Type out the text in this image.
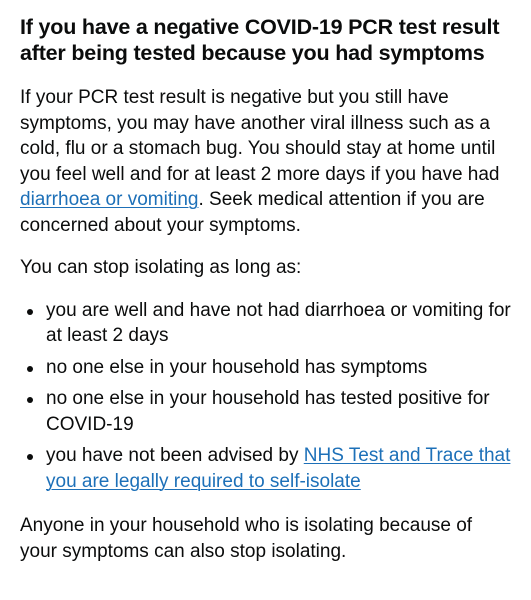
If you have a negative COVID-19 PCR test result after being tested because you had symptoms

If your PCR test result is negative but you still have symptoms, you may have another viral illness such as a cold, flu or a stomach bug. You should stay at home until you feel well and for at least 2 more days if you have had diarrhoea or vomiting. Seek medical attention if you are concerned about your symptoms.

You can stop isolating as long as:

you are well and have not had diarrhoea or vomiting for at least 2 days
no one else in your household has symptoms
no one else in your household has tested positive for COVID-19
you have not been advised by NHS Test and Trace that you are legally required to self-isolate

Anyone in your household who is isolating because of your symptoms can also stop isolating.
